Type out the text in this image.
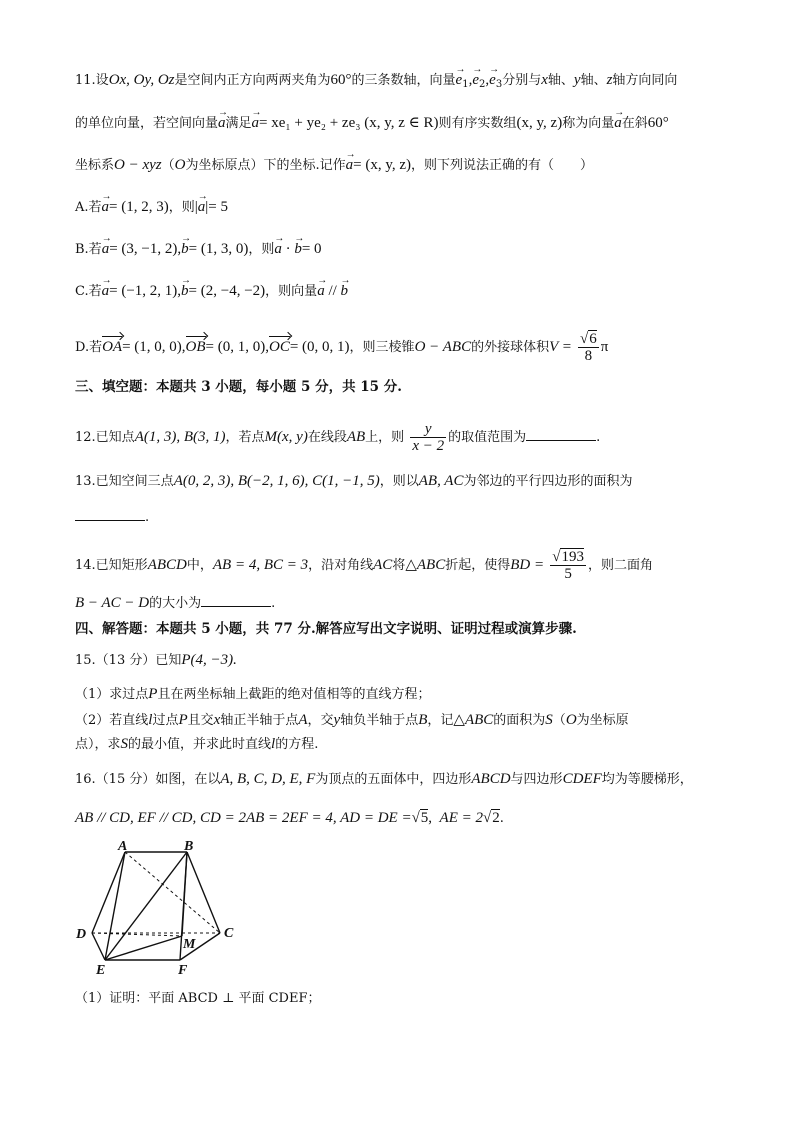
11.设Ox, Oy, Oz是空间内正方向两两夹角为60°的三条数轴，向量→ $e_1,\to e_2,\to e_3$分别与x轴、y轴、z轴方向同向
的单位向量，若空间向量→ a满足→ a= xe₁ + ye₂ + ze₃ (x, y, z ∈ R)则有序实数组(x, y, z)称为向量→ a在斜60°
坐标系O − xyz（O为坐标原点）下的坐标.记作→ a= (x, y, z)，则下列说法正确的有（　　）
A.若→ a= (1, 2, 3)，则|→ a|= 5
B.若→ a= (3, −1, 2),→ b= (1, 3, 0)，则→ a · → b= 0
C.若→ a= (−1, 2, 1),→ b= (2, −4, −2)，则向量→ a // → b
D.若OA= (1, 0, 0),OB= (0, 1, 0),OC= (0, 0, 1)，则三棱锥O − ABC的外接球体积$V = \frac{√6}{8}$ π
三、填空题：本题共 3 小题，每小题 5 分，共 15 分.
12.已知点A(1, 3), B(3, 1)，若点M(x, y)在线段AB上，则 $\frac{y}{x - 2}$ 的取值范围为	.
13.已知空间三点A(0, 2, 3), B(−2, 1, 6), C(1, −1, 5)，则以AB, AC为邻边的平行四边形的面积为
.
14.已知矩形ABCD中，AB = 4, BC = 3，沿对角线AC将△ABC折起，使得BD = $\frac{√193}{5}$ ，则二面角
B − AC − D的大小为	.
四、解答题：本题共 5 小题，共 77 分.解答应写出文字说明、证明过程或演算步骤.
15.（13 分）已知P(4, −3).
（1）求过点P且在两坐标轴上截距的绝对值相等的直线方程；
（2）若直线l过点P且交x轴正半轴于点A，交y轴负半轴于点B，记△ABC的面积为S（O为坐标原
点），求S的最小值，并求此时直线l的方程.
16.（15 分）如图，在以A, B, C, D, E, F为顶点的五面体中，四边形ABCD与四边形CDEF均为等腰梯形，
AB // CD, EF // CD, CD = 2AB = 2EF = 4, AD = DE =√5, AE = 2√2.
A	B
C
D
E	F
M
（1）证明：平面 ABCD ⊥ 平面 CDEF；
